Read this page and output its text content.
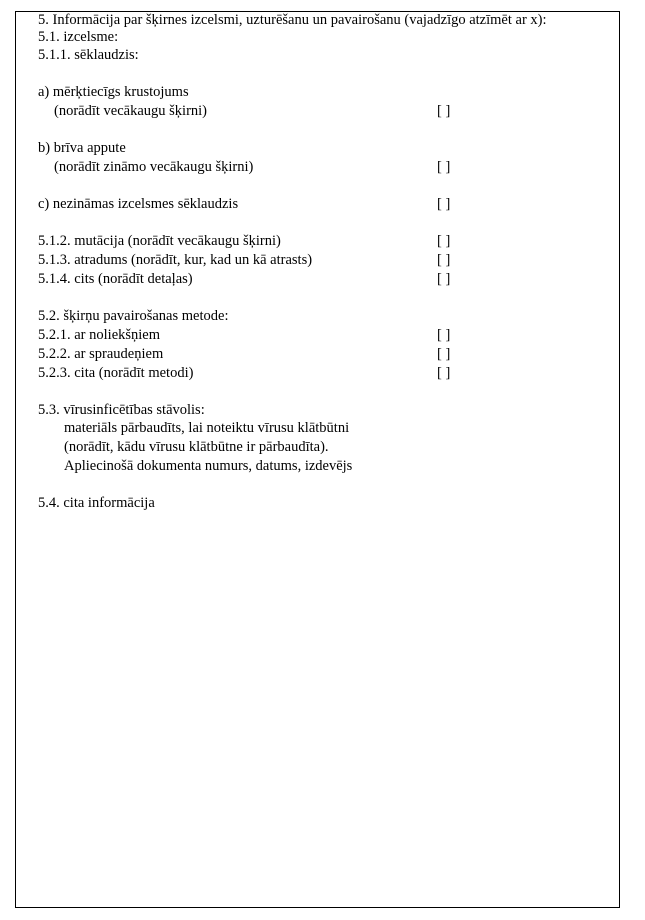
5. Informācija par šķirnes izcelsmi, uzturēšanu un pavairošanu (vajadzīgo atzīmēt ar x):
5.1. izcelsme:
5.1.1. sēklaudzis:
a) mērķtiecīgs krustojums
(norādīt vecākaugu šķirni)	[ ]
b) brīva appute
(norādīt zināmo vecākaugu šķirni)	[ ]
c) nezināmas izcelsmes sēklaudzis	[ ]
5.1.2. mutācija (norādīt vecākaugu šķirni)	[ ]
5.1.3. atradums (norādīt, kur, kad un kā atrasts)	[ ]
5.1.4. cits (norādīt detaļas)	[ ]
5.2. šķirņu pavairošanas metode:
5.2.1. ar noliekšņiem	[ ]
5.2.2. ar spraudeņiem	[ ]
5.2.3. cita (norādīt metodi)	[ ]
5.3. vīrusinficētības stāvolis:
materiāls pārbaudīts, lai noteiktu vīrusu klātbūtni
(norādīt, kādu vīrusu klātbūtne ir pārbaudīta).
Apliecinošā dokumenta numurs, datums, izdevējs
5.4. cita informācija
